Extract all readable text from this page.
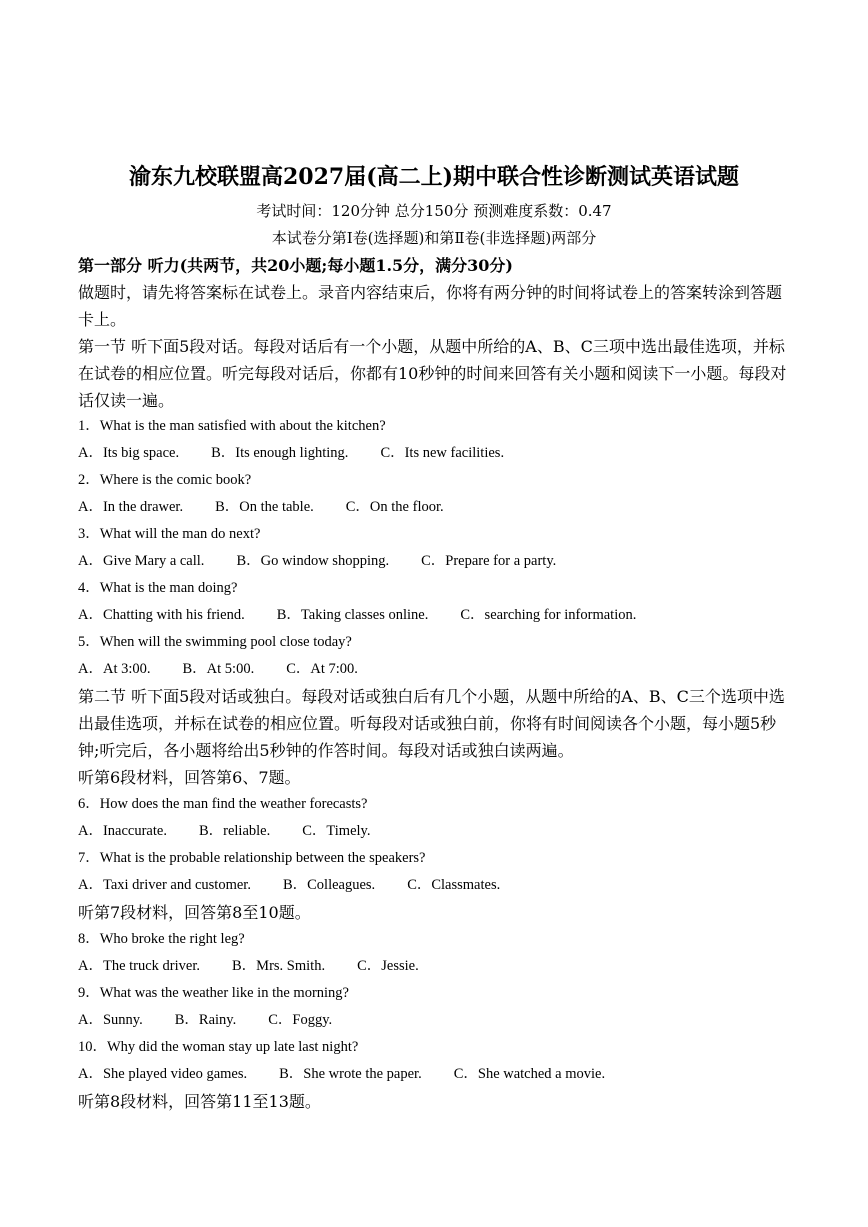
渝东九校联盟高2027届(高二上)期中联合性诊断测试英语试题
考试时间：120分钟 总分150分 预测难度系数：0.47
本试卷分第Ⅰ卷(选择题)和第Ⅱ卷(非选择题)两部分
第一部分 听力(共两节，共20小题;每小题1.5分，满分30分)
做题时，请先将答案标在试卷上。录音内容结束后，你将有两分钟的时间将试卷上的答案转涂到答题卡上。
第一节 听下面5段对话。每段对话后有一个小题，从题中所给的A、B、C三项中选出最佳选项，并标在试卷的相应位置。听完每段对话后，你都有10秒钟的时间来回答有关小题和阅读下一小题。每段对话仅读一遍。
1．What is the man satisfied with about the kitchen?
A．Its big space. B．Its enough lighting. C．Its new facilities.
2．Where is the comic book?
A．In the drawer. B．On the table. C．On the floor.
3．What will the man do next?
A．Give Mary a call. B．Go window shopping. C．Prepare for a party.
4．What is the man doing?
A．Chatting with his friend. B．Taking classes online. C．searching for information.
5．When will the swimming pool close today?
A．At 3:00. B．At 5:00. C．At 7:00.
第二节 听下面5段对话或独白。每段对话或独白后有几个小题，从题中所给的A、B、C三个选项中选出最佳选项，并标在试卷的相应位置。听每段对话或独白前，你将有时间阅读各个小题，每小题5秒钟;听完后，各小题将给出5秒钟的作答时间。每段对话或独白读两遍。
听第6段材料，回答第6、7题。
6．How does the man find the weather forecasts?
A．Inaccurate. B．reliable. C．Timely.
7．What is the probable relationship between the speakers?
A．Taxi driver and customer. B．Colleagues. C．Classmates.
听第7段材料，回答第8至10题。
8．Who broke the right leg?
A．The truck driver. B．Mrs. Smith. C．Jessie.
9．What was the weather like in the morning?
A．Sunny. B．Rainy. C．Foggy.
10．Why did the woman stay up late last night?
A．She played video games. B．She wrote the paper. C．She watched a movie.
听第8段材料，回答第11至13题。
